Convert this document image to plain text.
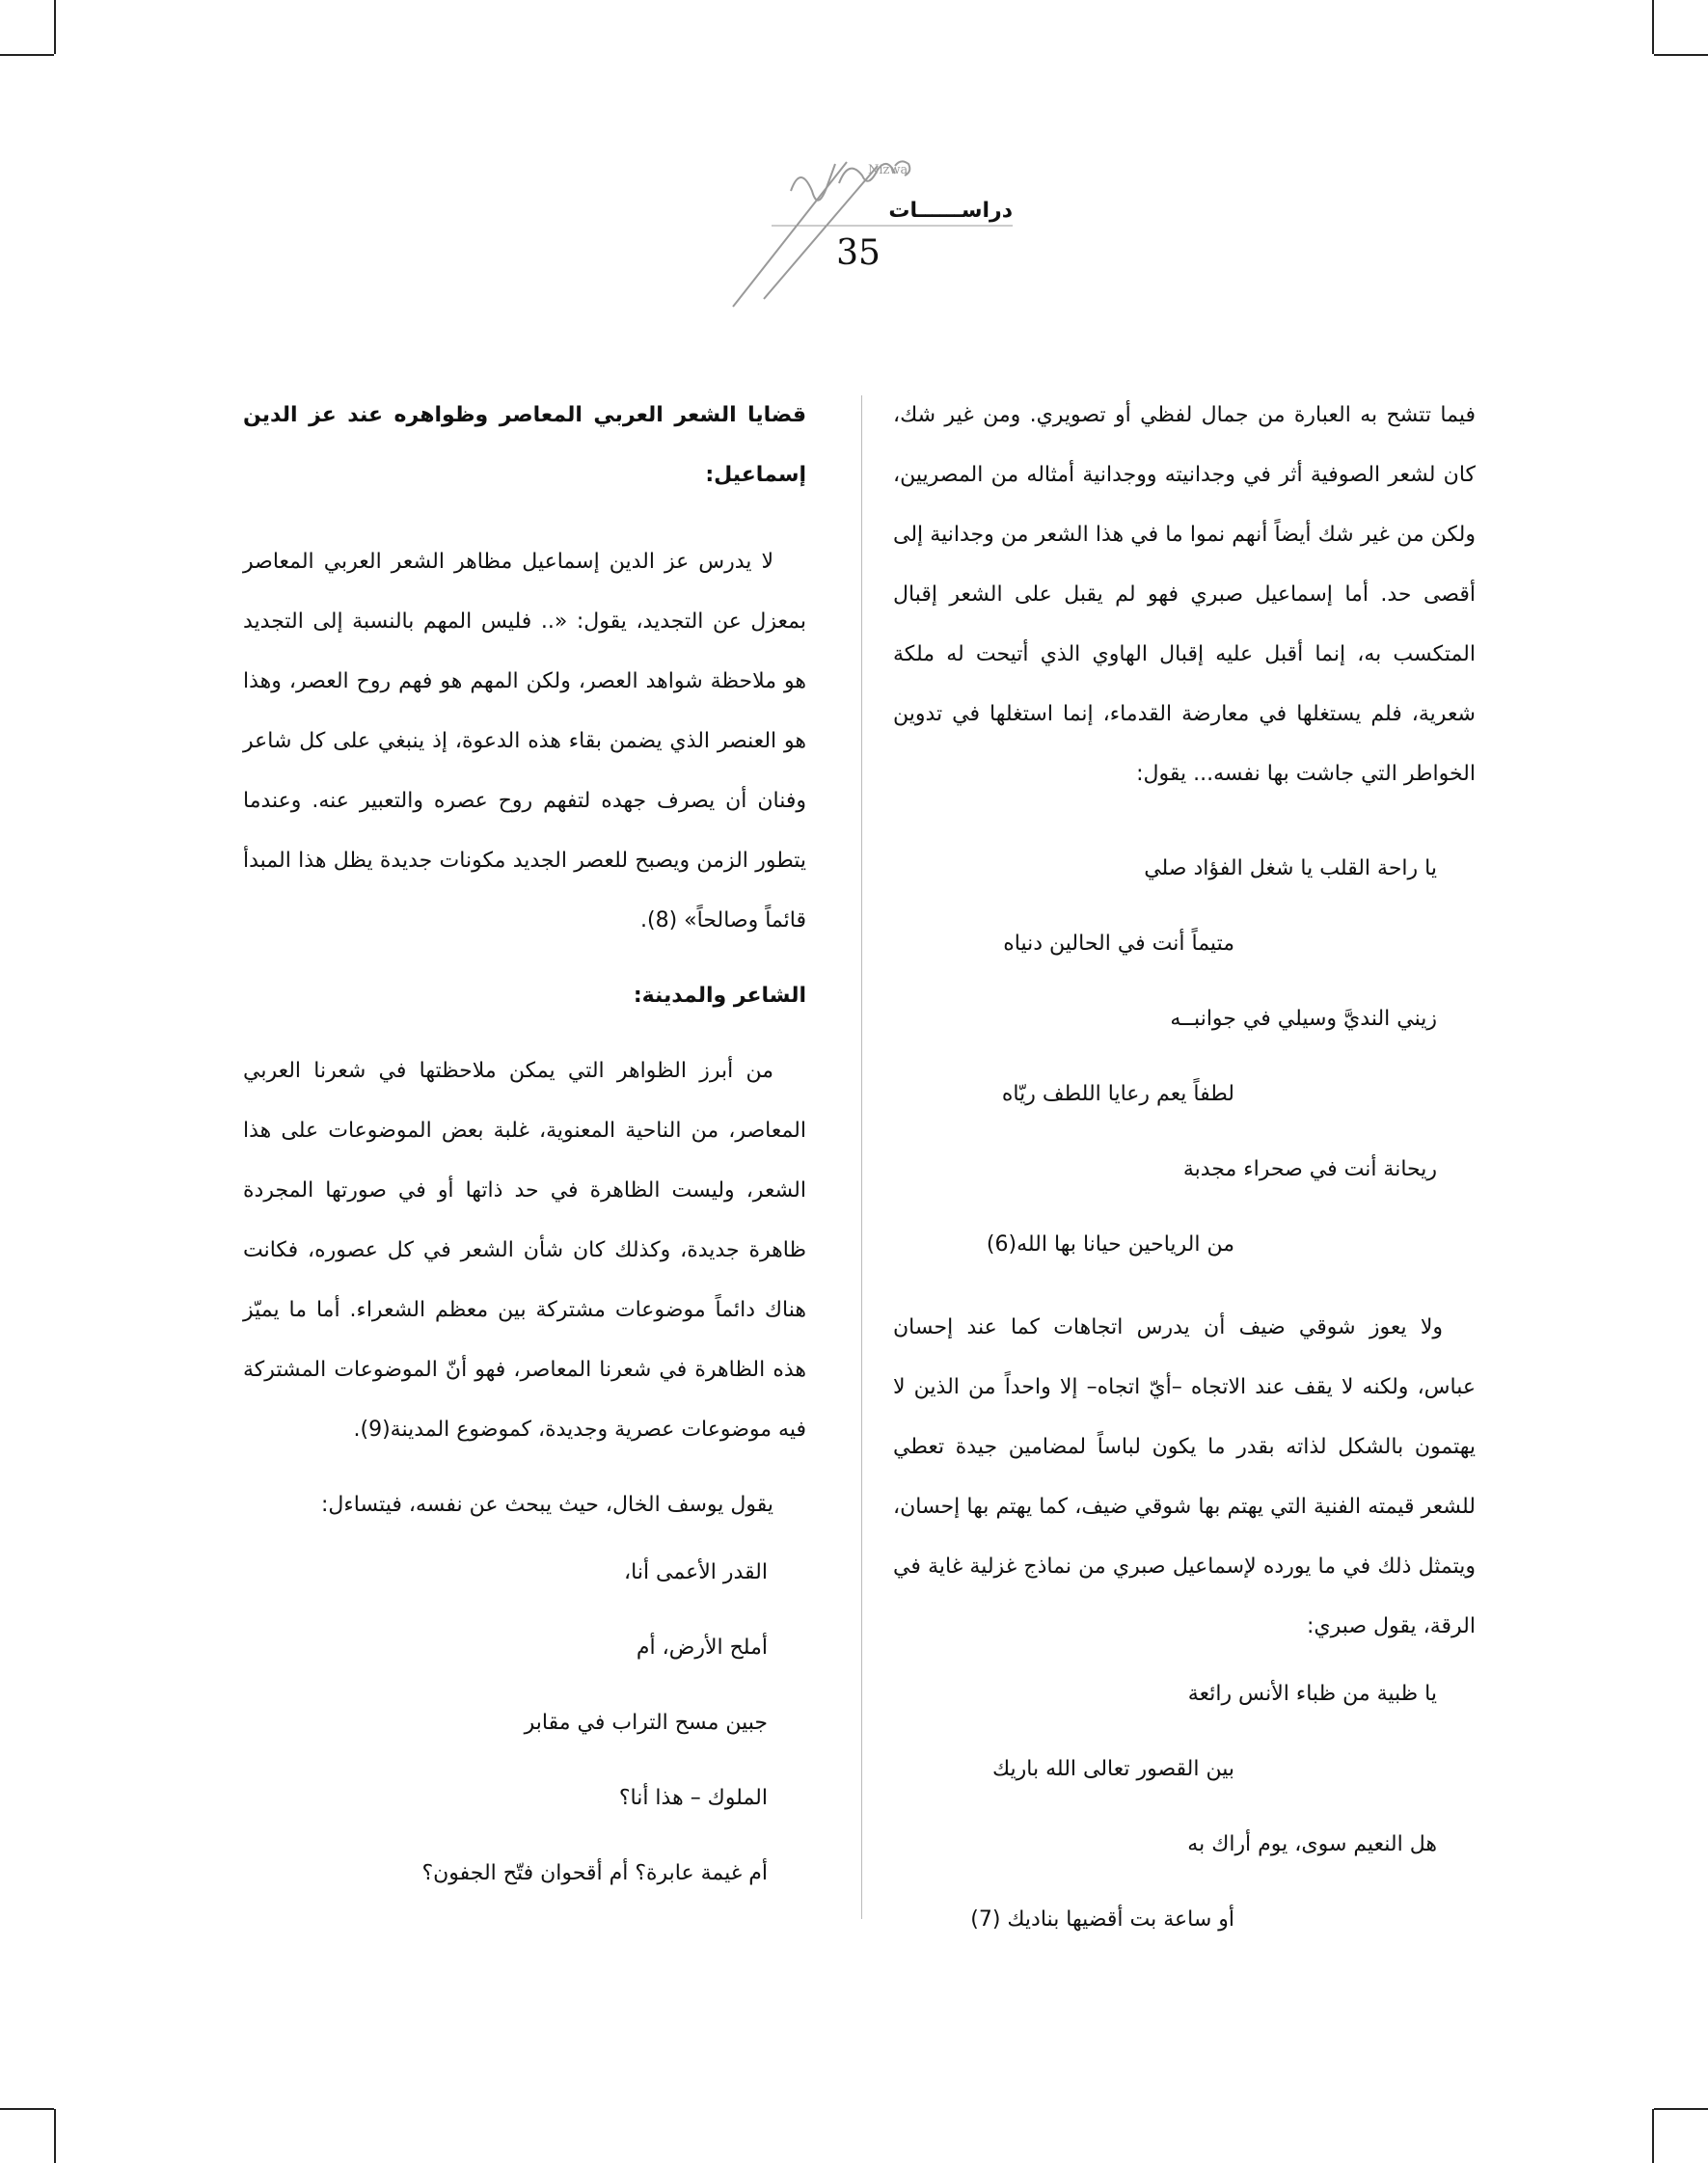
Nizwa
دراســــــات
35

فيما تتشح به العبارة من جمال لفظي أو تصويري. ومن غير شك، كان لشعر الصوفية أثر في وجدانيته ووجدانية أمثاله من المصريين، ولكن من غير شك أيضاً أنهم نموا ما في هذا الشعر من وجدانية إلى أقصى حد. أما إسماعيل صبري فهو لم يقبل على الشعر إقبال المتكسب به، إنما أقبل عليه إقبال الهاوي الذي أتيحت له ملكة شعرية، فلم يستغلها في معارضة القدماء، إنما استغلها في تدوين الخواطر التي جاشت بها نفسه... يقول:

يا راحة القلب يا شغل الفؤاد صلي

متيماً أنت في الحالين دنياه

زيني النديَّ وسيلي في جوانبــه

لطفاً يعم رعايا اللطف ريّاه

ريحانة أنت في صحراء مجدبة

من الرياحين حيانا بها الله(6)

ولا يعوز شوقي ضيف أن يدرس اتجاهات كما عند إحسان عباس، ولكنه لا يقف عند الاتجاه –أيّ اتجاه– إلا واحداً من الذين لا يهتمون بالشكل لذاته بقدر ما يكون لباساً لمضامين جيدة تعطي للشعر قيمته الفنية التي يهتم بها شوقي ضيف، كما يهتم بها إحسان، ويتمثل ذلك في ما يورده لإسماعيل صبري من نماذج غزلية غاية في الرقة، يقول صبري:

يا ظبية من ظباء الأنس رائعة

بين القصور تعالى الله باريك

هل النعيم سوى، يوم أراك به

أو ساعة بت أقضيها بناديك (7)

قضايا الشعر العربي المعاصر وظواهره عند عز الدين إسماعيل:

لا يدرس عز الدين إسماعيل مظاهر الشعر العربي المعاصر بمعزل عن التجديد، يقول: «.. فليس المهم بالنسبة إلى التجديد هو ملاحظة شواهد العصر، ولكن المهم هو فهم روح العصر، وهذا هو العنصر الذي يضمن بقاء هذه الدعوة، إذ ينبغي على كل شاعر وفنان أن يصرف جهده لتفهم روح عصره والتعبير عنه. وعندما يتطور الزمن ويصبح للعصر الجديد مكونات جديدة يظل هذا المبدأ قائماً وصالحاً» (8).

الشاعر والمدينة:

من أبرز الظواهر التي يمكن ملاحظتها في شعرنا العربي المعاصر، من الناحية المعنوية، غلبة بعض الموضوعات على هذا الشعر، وليست الظاهرة في حد ذاتها أو في صورتها المجردة ظاهرة جديدة، وكذلك كان شأن الشعر في كل عصوره، فكانت هناك دائماً موضوعات مشتركة بين معظم الشعراء. أما ما يميّز هذه الظاهرة في شعرنا المعاصر، فهو أنّ الموضوعات المشتركة فيه موضوعات عصرية وجديدة، كموضوع المدينة(9).

يقول يوسف الخال، حيث يبحث عن نفسه، فيتساءل:

القدر الأعمى أنا،

أملح الأرض، أم

جبين مسح التراب في مقابر

الملوك – هذا أنا؟

أم غيمة عابرة؟ أم أقحوان فتّح الجفون؟
